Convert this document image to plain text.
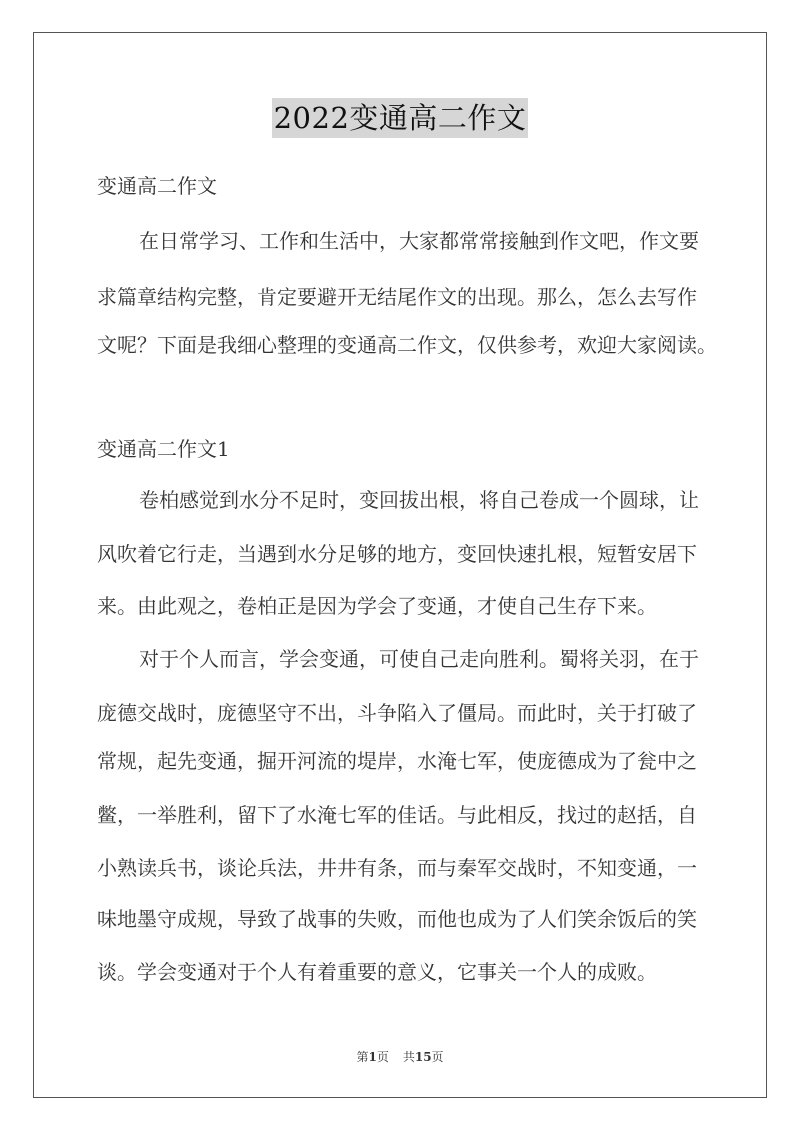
2022变通高二作文
变通高二作文
在日常学习、工作和生活中，大家都常常接触到作文吧，作文要
求篇章结构完整，肯定要避开无结尾作文的出现。那么，怎么去写作
文呢？下面是我细心整理的变通高二作文，仅供参考，欢迎大家阅读。
变通高二作文1
卷柏感觉到水分不足时，变回拔出根，将自己卷成一个圆球，让
风吹着它行走，当遇到水分足够的地方，变回快速扎根，短暂安居下
来。由此观之，卷柏正是因为学会了变通，才使自己生存下来。
对于个人而言，学会变通，可使自己走向胜利。蜀将关羽，在于
庞德交战时，庞德坚守不出，斗争陷入了僵局。而此时，关于打破了
常规，起先变通，掘开河流的堤岸，水淹七军，使庞德成为了瓮中之
鳖，一举胜利，留下了水淹七军的佳话。与此相反，找过的赵括，自
小熟读兵书，谈论兵法，井井有条，而与秦军交战时，不知变通，一
味地墨守成规，导致了战事的失败，而他也成为了人们笑余饭后的笑
谈。学会变通对于个人有着重要的意义，它事关一个人的成败。
第1页 共15页
